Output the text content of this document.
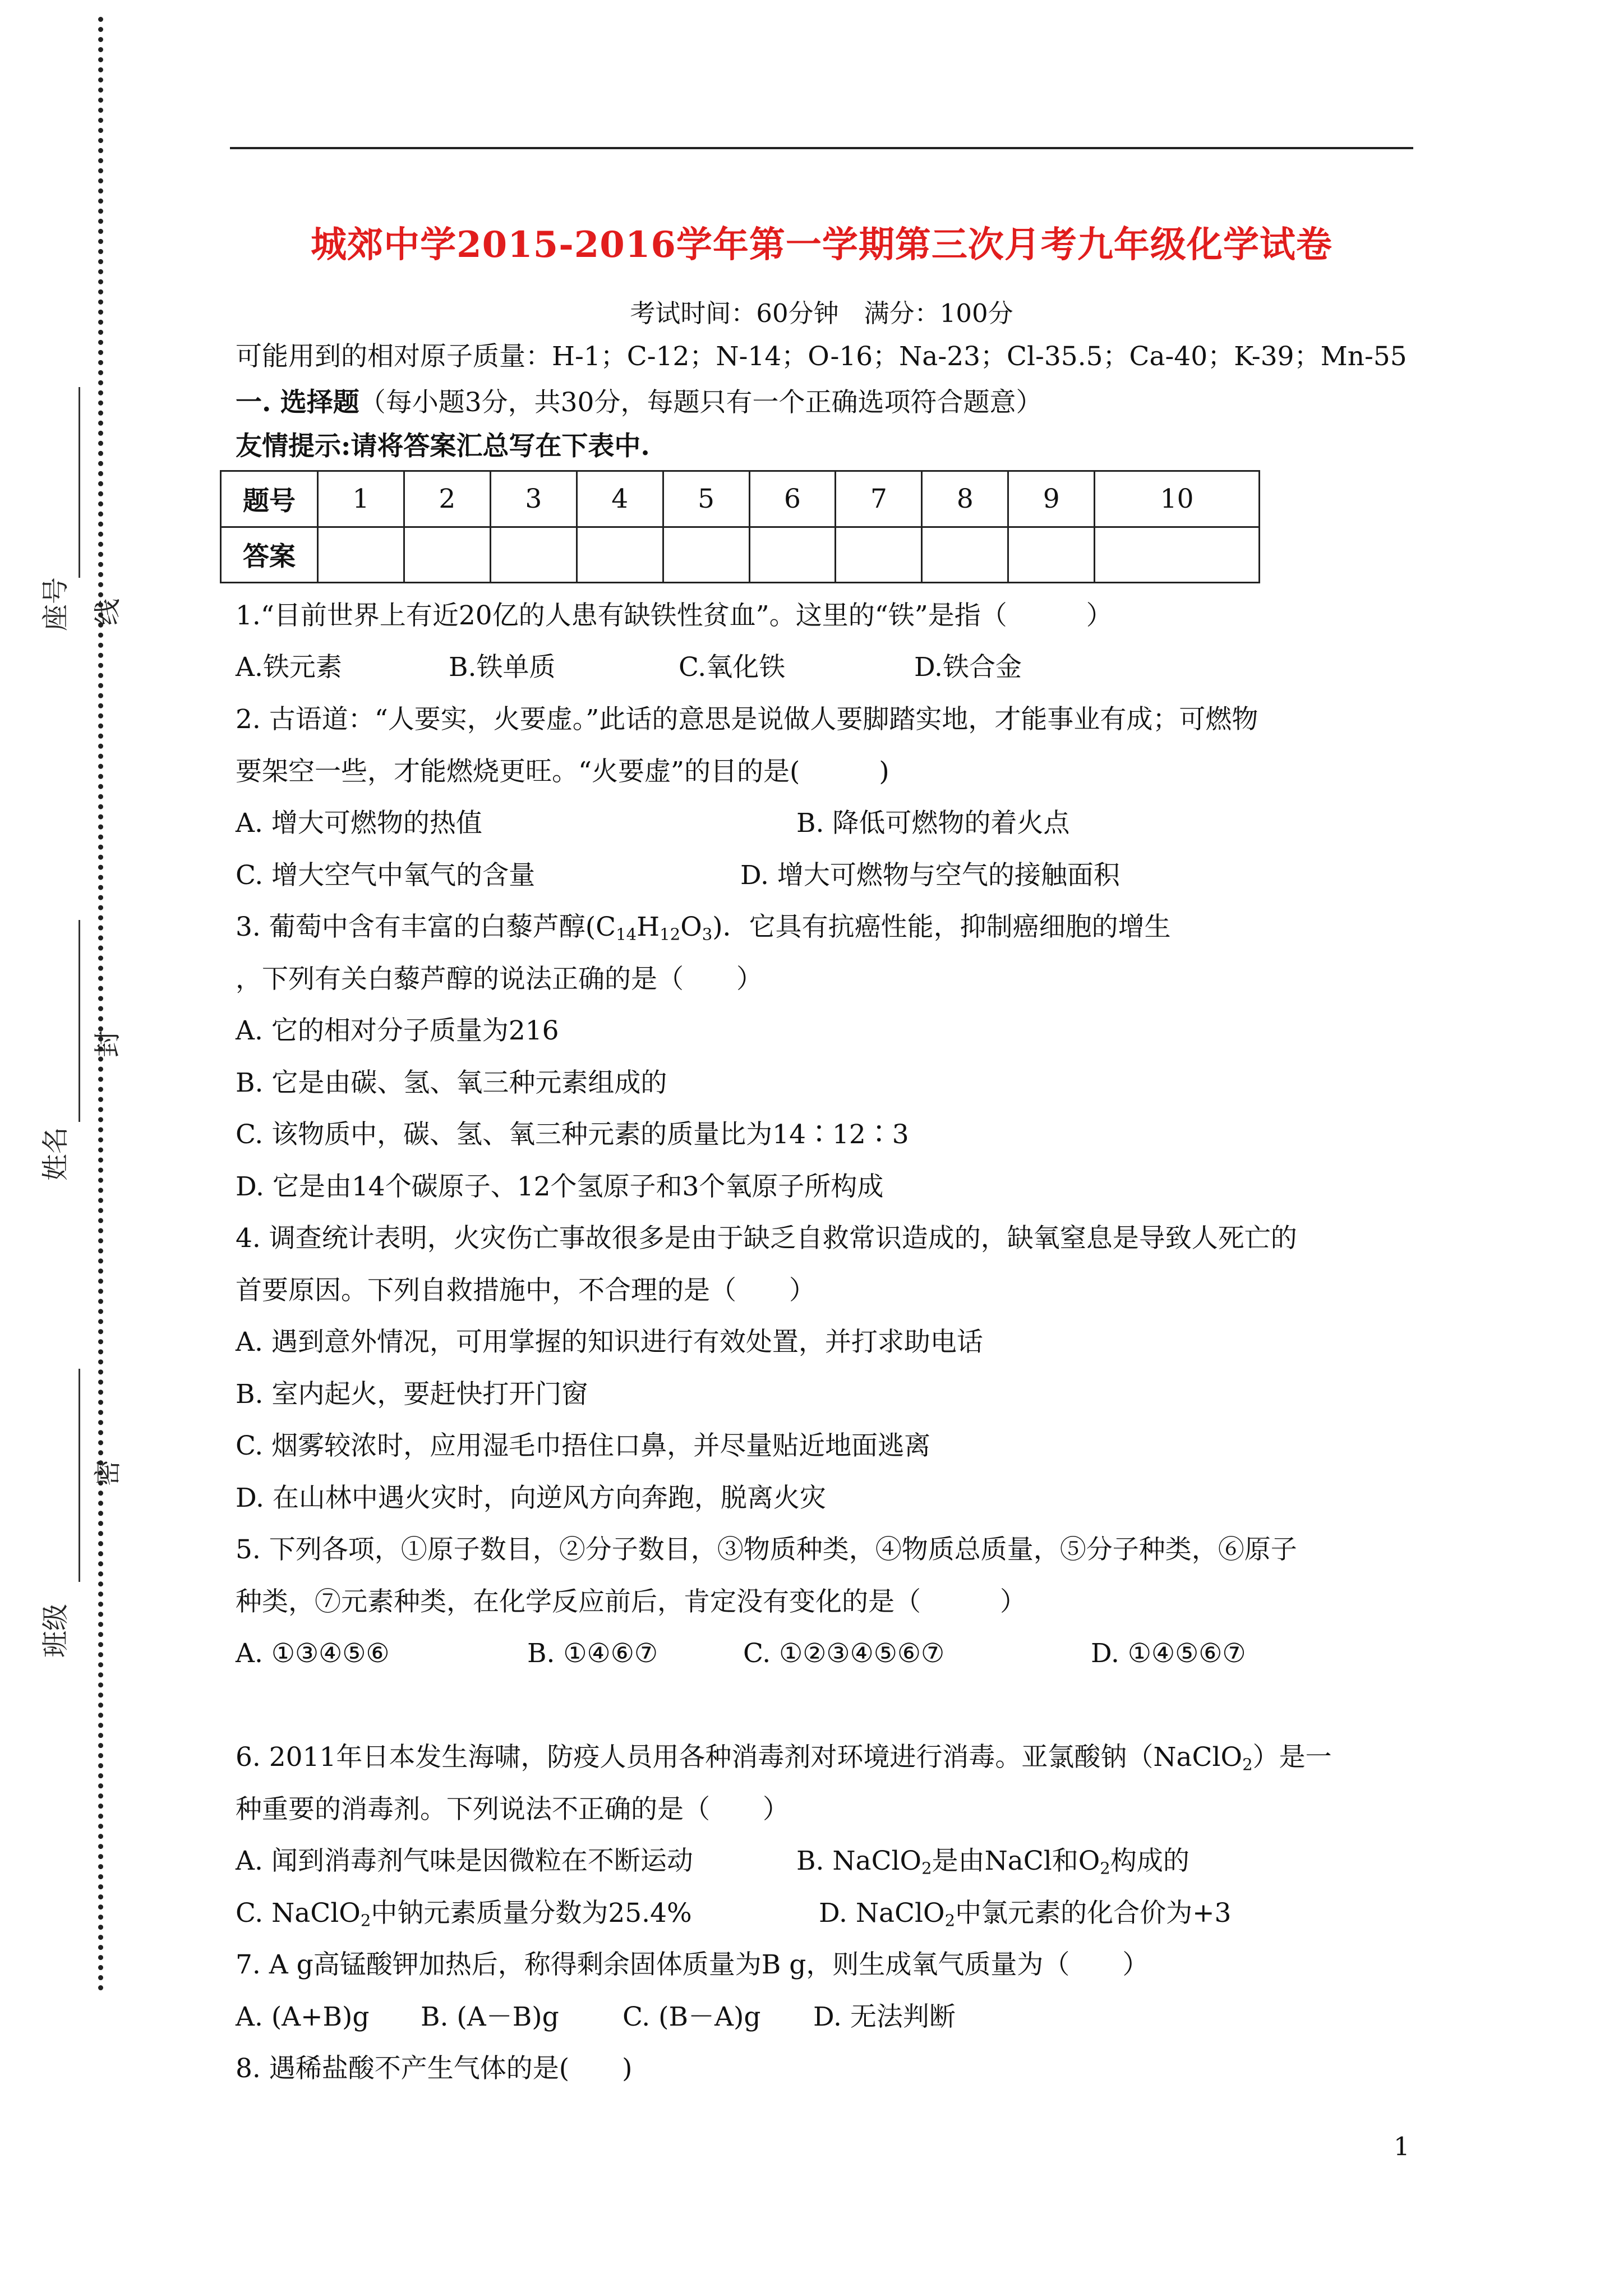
座号 线
姓名
封
班级
密
城郊中学2015-2016学年第一学期第三次月考九年级化学试卷
考试时间：60分钟　满分：100分
可能用到的相对原子质量：H-1；C-12；N-14；O-16；Na-23；Cl-35.5；Ca-40；K-39；Mn-55
一. 选择题（每小题3分，共30分，每题只有一个正确选项符合题意）
友情提示:请将答案汇总写在下表中.
题号	1	2	3	4	5	6	7	8	9	10
答案										
1.“目前世界上有近20亿的人患有缺铁性贫血”。这里的“铁”是指（　　　）
A.铁元素	B.铁单质	C.氧化铁	D.铁合金
2. 古语道：“人要实，火要虚。”此话的意思是说做人要脚踏实地，才能事业有成；可燃物
要架空一些，才能燃烧更旺。“火要虚”的目的是(　　　)
A. 增大可燃物的热值	B. 降低可燃物的着火点
C. 增大空气中氧气的含量	D. 增大可燃物与空气的接触面积
3. 葡萄中含有丰富的白藜芦醇$(C_{14}H_{12}O_3)$．它具有抗癌性能，抑制癌细胞的增生
，下列有关白藜芦醇的说法正确的是（　　）
A. 它的相对分子质量为216
B. 它是由碳、氢、氧三种元素组成的
C. 该物质中，碳、氢、氧三种元素的质量比为14∶12∶3
D. 它是由14个碳原子、12个氢原子和3个氧原子所构成
4. 调查统计表明，火灾伤亡事故很多是由于缺乏自救常识造成的，缺氧窒息是导致人死亡的
首要原因。下列自救措施中，不合理的是（　　）
A. 遇到意外情况，可用掌握的知识进行有效处置，并打求助电话
B. 室内起火，要赶快打开门窗
C. 烟雾较浓时，应用湿毛巾捂住口鼻，并尽量贴近地面逃离
D. 在山林中遇火灾时，向逆风方向奔跑，脱离火灾
5. 下列各项，①原子数目，②分子数目，③物质种类，④物质总质量，⑤分子种类，⑥原子
种类，⑦元素种类，在化学反应前后，肯定没有变化的是（　　　）
A. ①③④⑤⑥	B. ①④⑥⑦	C. ①②③④⑤⑥⑦	D. ①④⑤⑥⑦
6. 2011年日本发生海啸，防疫人员用各种消毒剂对环境进行消毒。亚氯酸钠（NaClO$_2$）是一
种重要的消毒剂。下列说法不正确的是（　　）
A. 闻到消毒剂气味是因微粒在不断运动	B. NaClO$_2$是由NaCl和$O_2$构成的
C. NaClO$_2$中钠元素质量分数为25.4%	D. NaClO$_2$中氯元素的化合价为+3
7. A g高锰酸钾加热后，称得剩余固体质量为B g，则生成氧气质量为（　　）
A. (A+B)g B. (A－B)g C. (B－A)g D. 无法判断
8. 遇稀盐酸不产生气体的是(　　)
1
